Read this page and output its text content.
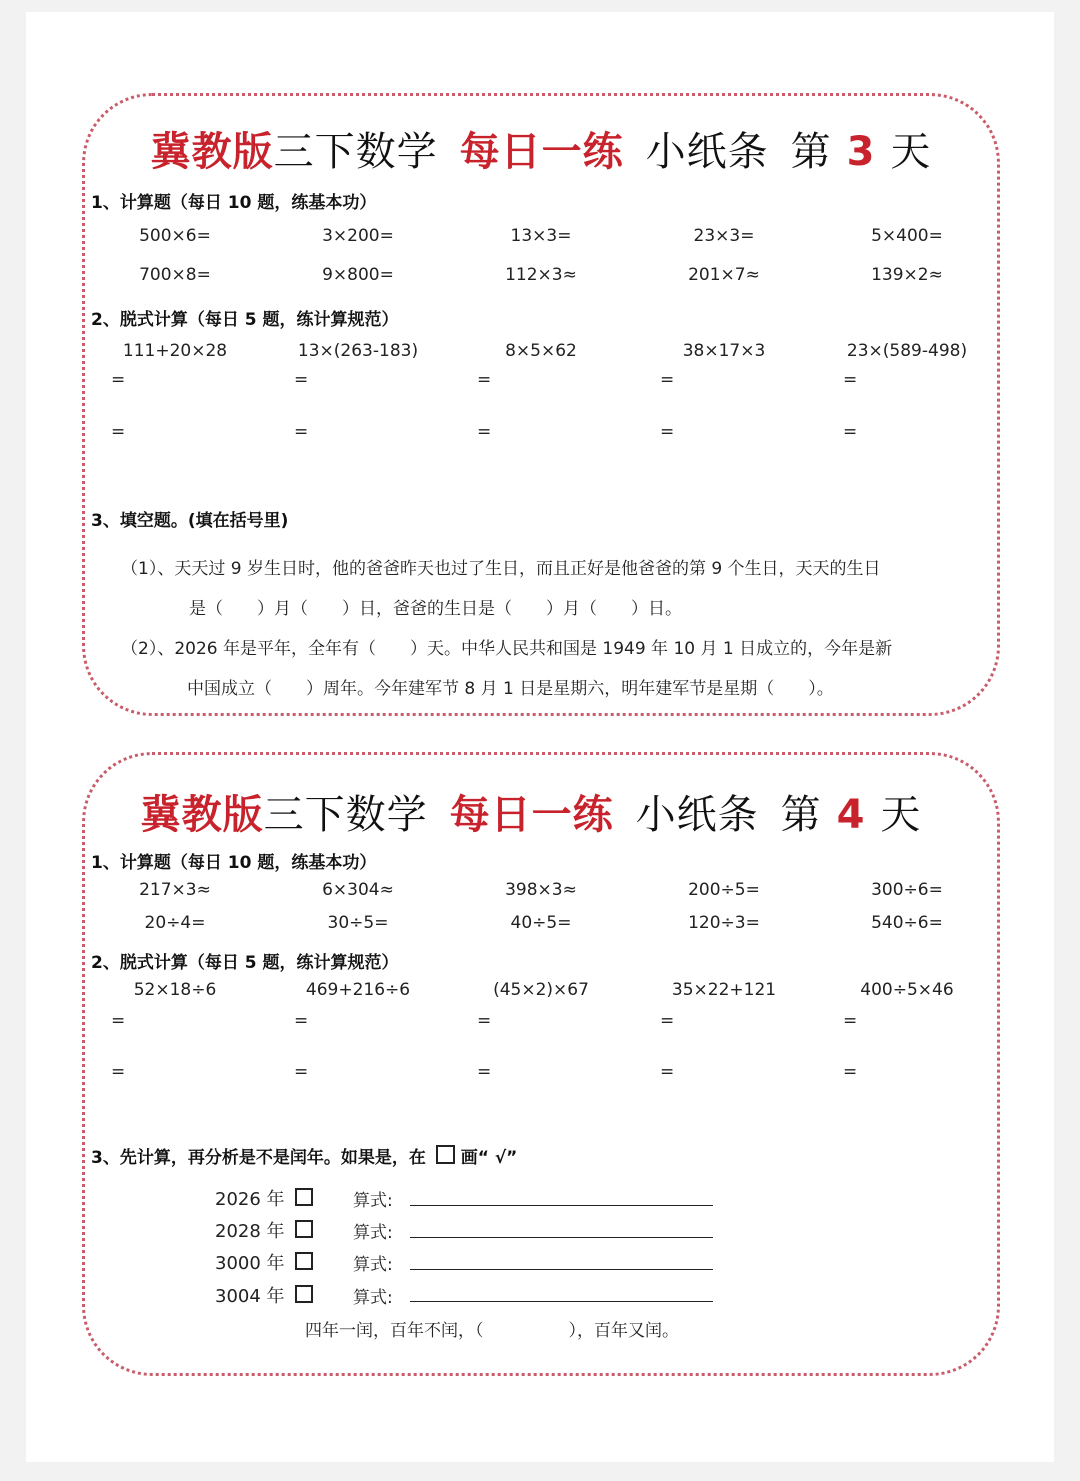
冀教版三下数学 每日一练 小纸条 第 3 天
1、计算题（每日 10 题，练基本功）
500×6=	3×200=	13×3=	23×3=	5×400=
700×8=	9×800=	112×3≈	201×7≈	139×2≈
2、脱式计算（每日 5 题，练计算规范）
111+20×28	13×(263-183)	8×5×62	38×17×3	23×(589-498)
=	=	=	=	=
=	=	=	=	=
3、填空题。(填在括号里)
（1）、天天过 9 岁生日时，他的爸爸昨天也过了生日，而且正好是他爸爸的第 9 个生日，天天的生日
是（　　）月（　　）日，爸爸的生日是（　　）月（　　）日。
（2）、2026 年是平年，全年有（　　）天。中华人民共和国是 1949 年 10 月 1 日成立的，今年是新
中国成立（　　）周年。今年建军节 8 月 1 日是星期六，明年建军节是星期（　　）。
冀教版三下数学 每日一练 小纸条 第 4 天
1、计算题（每日 10 题，练基本功）
217×3≈	6×304≈	398×3≈	200÷5=	300÷6=
20÷4=	30÷5=	40÷5=	120÷3=	540÷6=
2、脱式计算（每日 5 题，练计算规范）
52×18÷6	469+216÷6	(45×2)×67	35×22+121	400÷5×46
=	=	=	=	=
=	=	=	=	=
3、先计算，再分析是不是闰年。如果是，在 画“ √”
2026 年	算式:
2028 年	算式:
3000 年	算式:
3004 年	算式:
四年一闰，百年不闰，（　　　　　），百年又闰。
